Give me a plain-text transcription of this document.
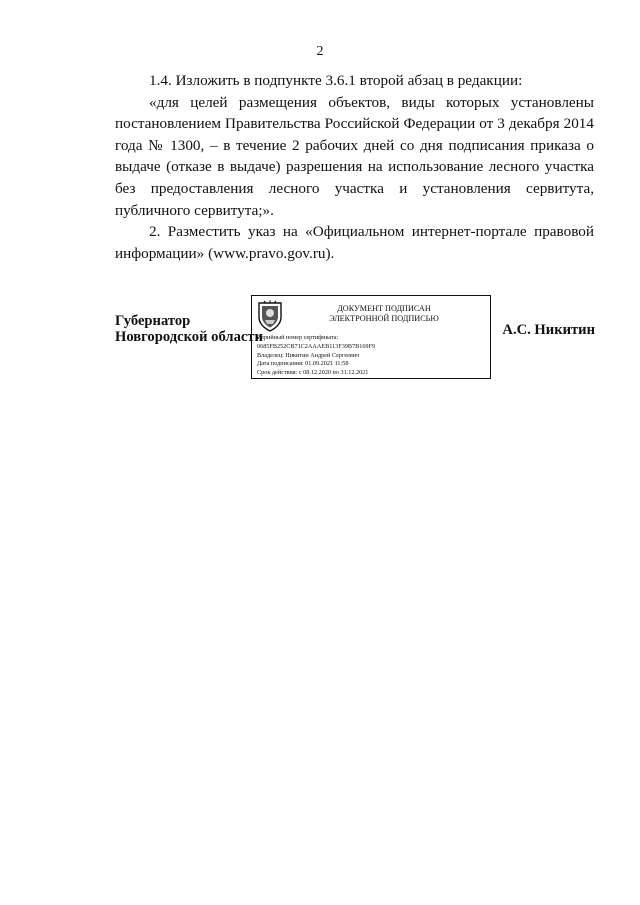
2

1.4. Изложить в подпункте 3.6.1 второй абзац в редакции:

«для целей размещения объектов, виды которых установлены постановлением Правительства Российской Федерации от 3 декабря 2014 года № 1300, – в течение 2 рабочих дней со дня подписания приказа о выдаче (отказе в выдаче) разрешения на использование лесного участка без предоставления лесного участка и установления сервитута, публичного сервитута;».

2. Разместить указ на «Официальном интернет-портале правовой информации» (www.pravo.gov.ru).

Губернатор
Новгородской области
ДОКУМЕНТ ПОДПИСАН
ЭЛЕКТРОННОЙ ПОДПИСЬЮ
Серийный номер сертификата:
0685FB252CB71C2AAAEB113F39B7B169F9
Владелец: Никитин Андрей Сергеевич
Дата подписания: 01.09.2021 11:58
Срок действия: с 08.12.2020 по 31.12.2021
А.С. Никитин
